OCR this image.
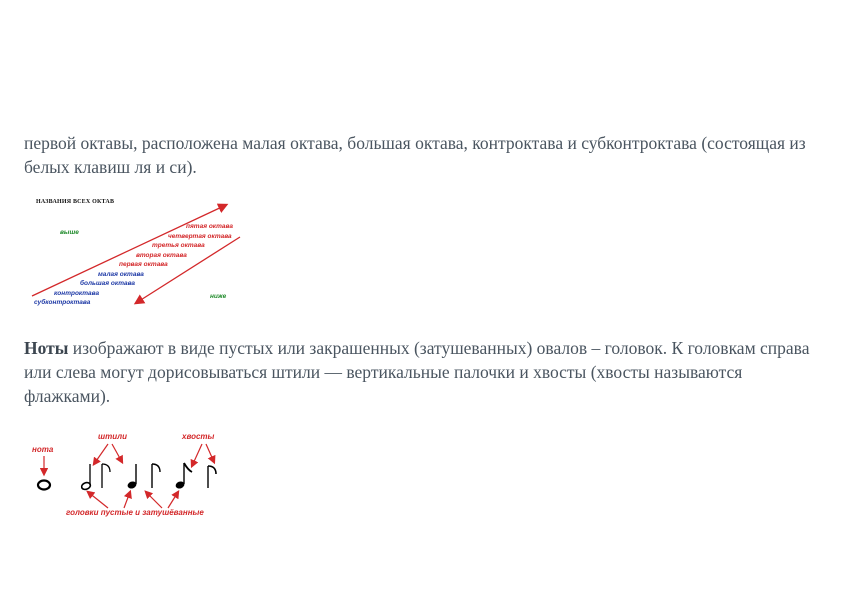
первой октавы, расположена малая октава, большая октава, контроктава и субконтроктава (состоящая из белых клавиш ля и си).

НАЗВАНИЯ ВСЕХ ОКТАВ
выше
ниже
пятая октава
четвертая октава
третья октава
вторая октава
первая октава
малая октава
большая октава
контроктава
субконтроктава

Ноты изображают в виде пустых или закрашенных (затушеванных) овалов – головок. К головкам справа или слева могут дорисовываться штили — вертикальные палочки и хвосты (хвосты называются флажками).

нота
штили	хвосты
головки пустые и затушёванные
